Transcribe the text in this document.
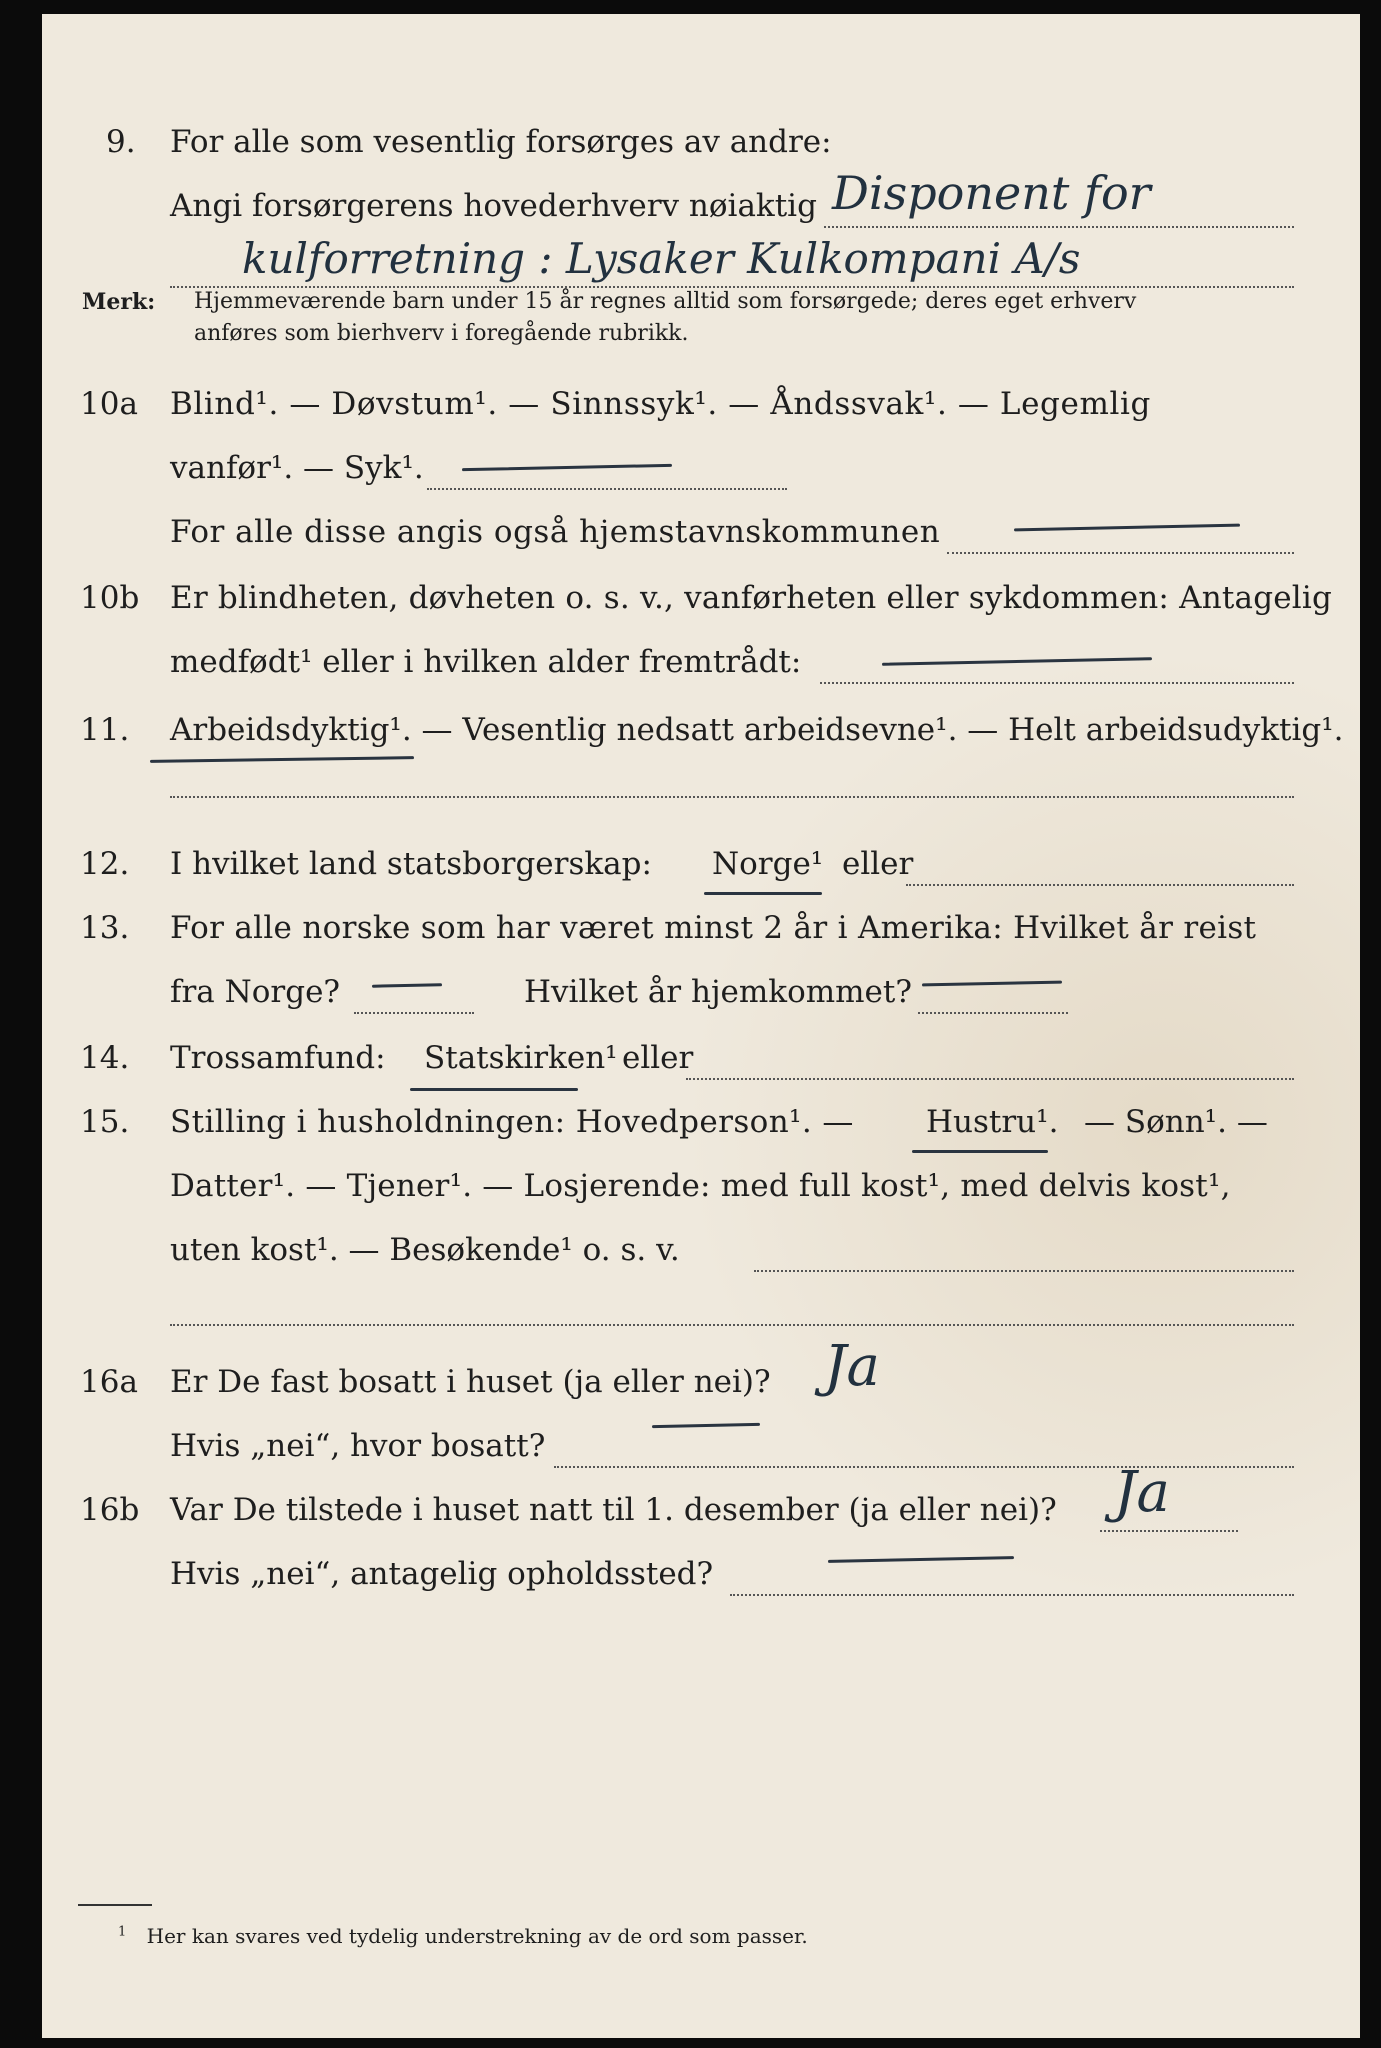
9. For alle som vesentlig forsørges av andre:
Angi forsørgerens hovederhverv nøiaktig Disponent for
kulforretning : Lysaker Kulkompani A/s
Merk: Hjemmeværende barn under 15 år regnes alltid som forsørgede; deres eget erhverv
anføres som bierhverv i foregående rubrikk.
10a Blind¹. — Døvstum¹. — Sinnssyk¹. — Åndssvak¹. — Legemlig
vanfør¹. — Syk¹.
For alle disse angis også hjemstavnskommunen
10b Er blindheten, døvheten o. s. v., vanførheten eller sykdommen: Antagelig
medfødt¹ eller i hvilken alder fremtrådt:
11. Arbeidsdyktig¹. — Vesentlig nedsatt arbeidsevne¹. — Helt arbeidsudyktig¹.
12. I hvilket land statsborgerskap: Norge¹ eller
13. For alle norske som har været minst 2 år i Amerika: Hvilket år reist
fra Norge?	Hvilket år hjemkommet?
14. Trossamfund: Statskirken¹ eller
15. Stilling i husholdningen: Hovedperson¹. — Hustru¹. — Sønn¹. —
Datter¹. — Tjener¹. — Losjerende: med full kost¹, med delvis kost¹,
uten kost¹. — Besøkende¹ o. s. v.
16a Er De fast bosatt i huset (ja eller nei)? Ja
Hvis „nei“, hvor bosatt?
16b Var De tilstede i huset natt til 1. desember (ja eller nei)? Ja
Hvis „nei“, antagelig opholdssted?
$^1$ Her kan svares ved tydelig understrekning av de ord som passer.
